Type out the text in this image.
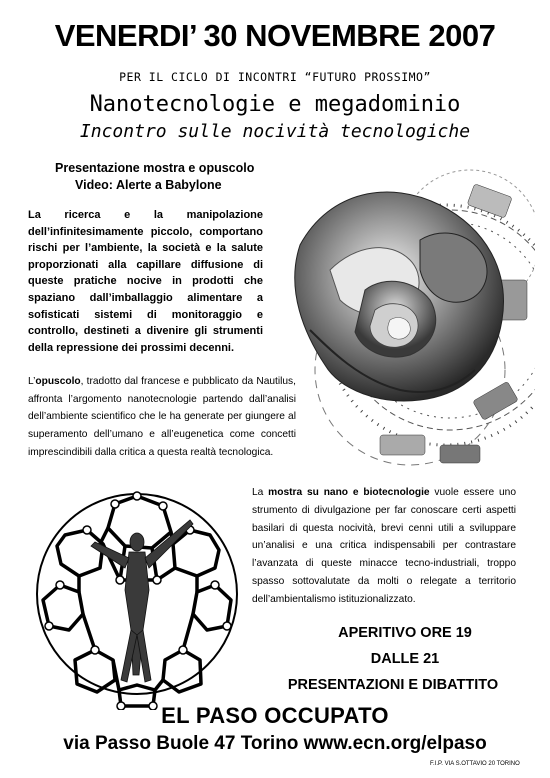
VENERDI’ 30 NOVEMBRE 2007
PER IL CICLO DI INCONTRI “FUTURO PROSSIMO”
Nanotecnologie e megadominio
Incontro sulle nocività tecnologiche
Presentazione mostra e opuscolo
Video: Alerte a Babylone
La ricerca e la manipolazione dell’infinitesimamente piccolo, comportano rischi per l’ambiente, la società e la salute proporzionati alla capillare diffusione di queste pratiche nocive in prodotti che spaziano dall’imballaggio alimentare a sofisticati sistemi di monitoraggio e controllo, destineti a divenire gli strumenti della repressione dei prossimi decenni.
L’opuscolo, tradotto dal francese e pubblicato da Nautilus, affronta l’argomento nanotecnologie partendo dall’analisi dell’ambiente scientifico che le ha generate per giungere al superamento dell’umano e all’eugenetica come concetti imprescindibili dalla critica a questa realtà tecnologica.
La mostra su nano e biotecnologie vuole essere uno strumento di divulgazione per far conoscare certi aspetti basilari di questa nocività, brevi cenni utili a sviluppare un’analisi e una critica indispensabili per contrastare l’avanzata di queste minacce tecno-industriali, troppo spasso sottovalutate da molti o relegate a territorio dell’ambientalismo istituzionalizzato.
APERITIVO ORE 19
DALLE 21
PRESENTAZIONI E DIBATTITO
EL PASO OCCUPATO
via Passo Buole 47 Torino www.ecn.org/elpaso
F.I.P. VIA S.OTTAVIO 20 TORINO
